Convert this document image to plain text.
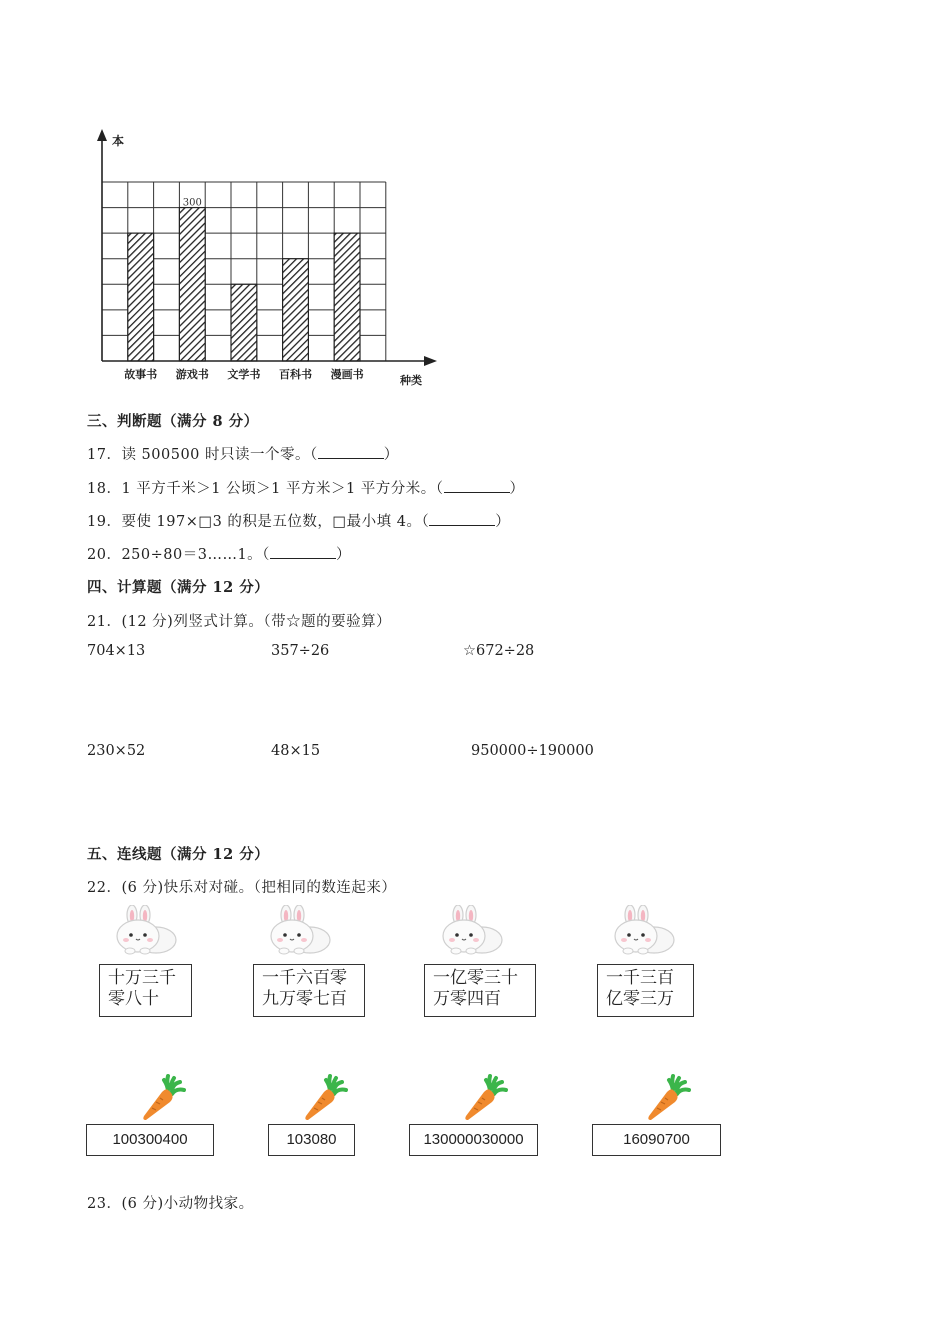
本
种类
故事书 游戏书 文学书 百科书 漫画书
300
三、判断题（满分 8 分）
17．读 500500 时只读一个零。（	）
18．1 平方千米＞1 公顷＞1 平方米＞1 平方分米。（	）
19．要使 197×□3 的积是五位数，□最小填 4。（	）
20．250÷80＝3……1。（	）
四、计算题（满分 12 分）
21．(12 分)列竖式计算。（带☆题的要验算）
704×13	357÷26	☆672÷28
230×52	48×15	950000÷190000
五、连线题（满分 12 分）
22．(6 分)快乐对对碰。（把相同的数连起来）
十万三千
零八十
一千六百零
九万零七百
一亿零三十
万零四百
一千三百
亿零三万
100300400	103080	130000030000	16090700
23．(6 分)小动物找家。
